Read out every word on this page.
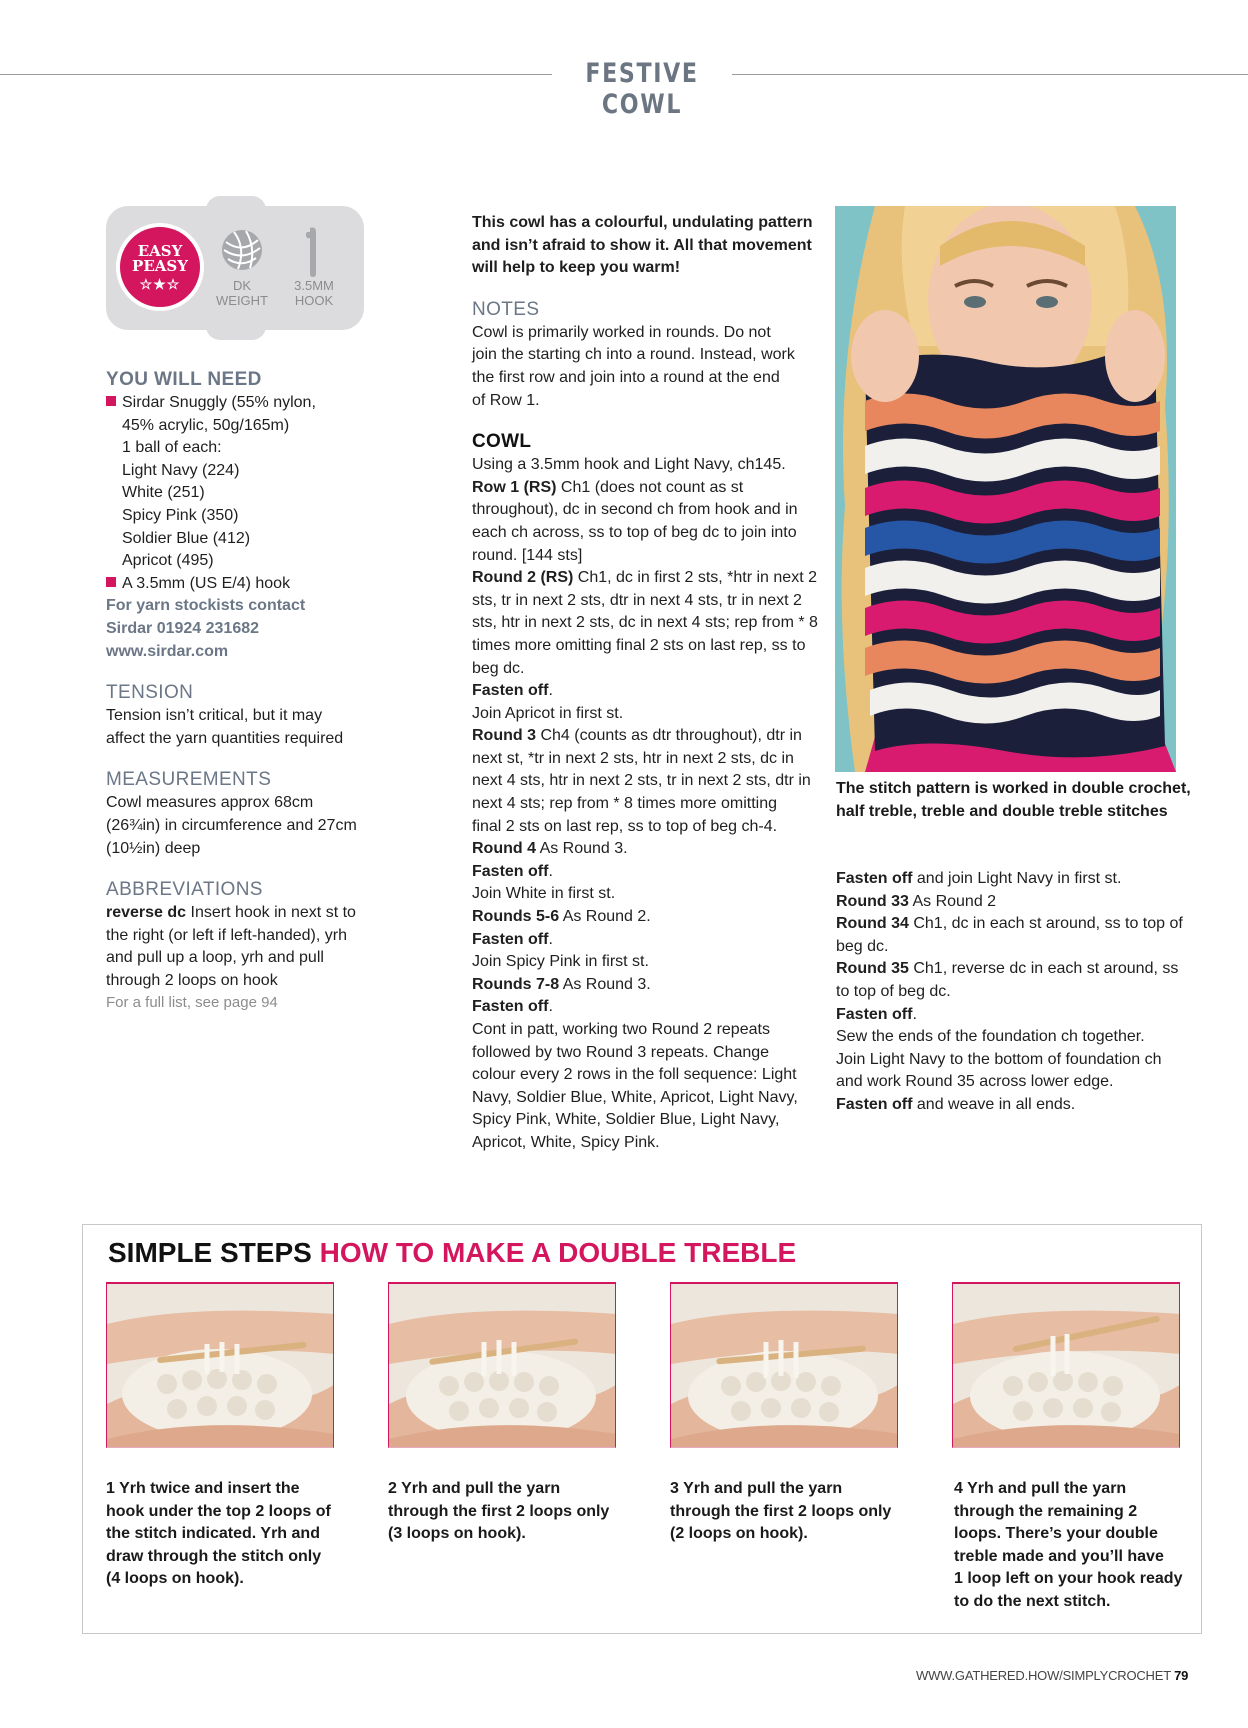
FESTIVE COWL
EASY
PEASY
☆★☆	DK
WEIGHT
3.5MM
HOOK
YOU WILL NEED
Sirdar Snuggly (55% nylon,
45% acrylic, 50g/165m)
1 ball of each:
Light Navy (224)
White (251)
Spicy Pink (350)
Soldier Blue (412)
Apricot (495)
A 3.5mm (US E/4) hook
For yarn stockists contact
Sirdar 01924 231682
www.sirdar.com
TENSION
Tension isn’t critical, but it may
affect the yarn quantities required
MEASUREMENTS
Cowl measures approx 68cm
(26¾in) in circumference and 27cm
(10½in) deep
ABBREVIATIONS
reverse dc Insert hook in next st to
the right (or left if left-handed), yrh
and pull up a loop, yrh and pull
through 2 loops on hook
For a full list, see page 94
This cowl has a colourful, undulating pattern
and isn’t afraid to show it. All that movement
will help to keep you warm!
NOTES
Cowl is primarily worked in rounds. Do not
join the starting ch into a round. Instead, work
the first row and join into a round at the end
of Row 1.
COWL
Using a 3.5mm hook and Light Navy, ch145.
Row 1 (RS) Ch1 (does not count as st
throughout), dc in second ch from hook and in
each ch across, ss to top of beg dc to join into
round. [144 sts]
Round 2 (RS) Ch1, dc in first 2 sts, *htr in next 2
sts, tr in next 2 sts, dtr in next 4 sts, tr in next 2
sts, htr in next 2 sts, dc in next 4 sts; rep from * 8
times more omitting final 2 sts on last rep, ss to
beg dc.
Fasten off.
Join Apricot in first st.
Round 3 Ch4 (counts as dtr throughout), dtr in
next st, *tr in next 2 sts, htr in next 2 sts, dc in
next 4 sts, htr in next 2 sts, tr in next 2 sts, dtr in
next 4 sts; rep from * 8 times more omitting
final 2 sts on last rep, ss to top of beg ch-4.
Round 4 As Round 3.
Fasten off.
Join White in first st.
Rounds 5-6 As Round 2.
Fasten off.
Join Spicy Pink in first st.
Rounds 7-8 As Round 3.
Fasten off.
Cont in patt, working two Round 2 repeats
followed by two Round 3 repeats. Change
colour every 2 rows in the foll sequence: Light
Navy, Soldier Blue, White, Apricot, Light Navy,
Spicy Pink, White, Soldier Blue, Light Navy,
Apricot, White, Spicy Pink.
The stitch pattern is worked in double crochet,
half treble, treble and double treble stitches
Fasten off and join Light Navy in first st.
Round 33 As Round 2
Round 34 Ch1, dc in each st around, ss to top of
beg dc.
Round 35 Ch1, reverse dc in each st around, ss
to top of beg dc.
Fasten off.
Sew the ends of the foundation ch together.
Join Light Navy to the bottom of foundation ch
and work Round 35 across lower edge.
Fasten off and weave in all ends.
SIMPLE STEPS HOW TO MAKE A DOUBLE TREBLE
1 Yrh twice and insert the
hook under the top 2 loops of
the stitch indicated. Yrh and
draw through the stitch only
(4 loops on hook).
2 Yrh and pull the yarn
through the first 2 loops only
(3 loops on hook).
3 Yrh and pull the yarn
through the first 2 loops only
(2 loops on hook).
4 Yrh and pull the yarn
through the remaining 2
loops. There’s your double
treble made and you’ll have
1 loop left on your hook ready
to do the next stitch.
WWW.GATHERED.HOW/SIMPLYCROCHET 79
